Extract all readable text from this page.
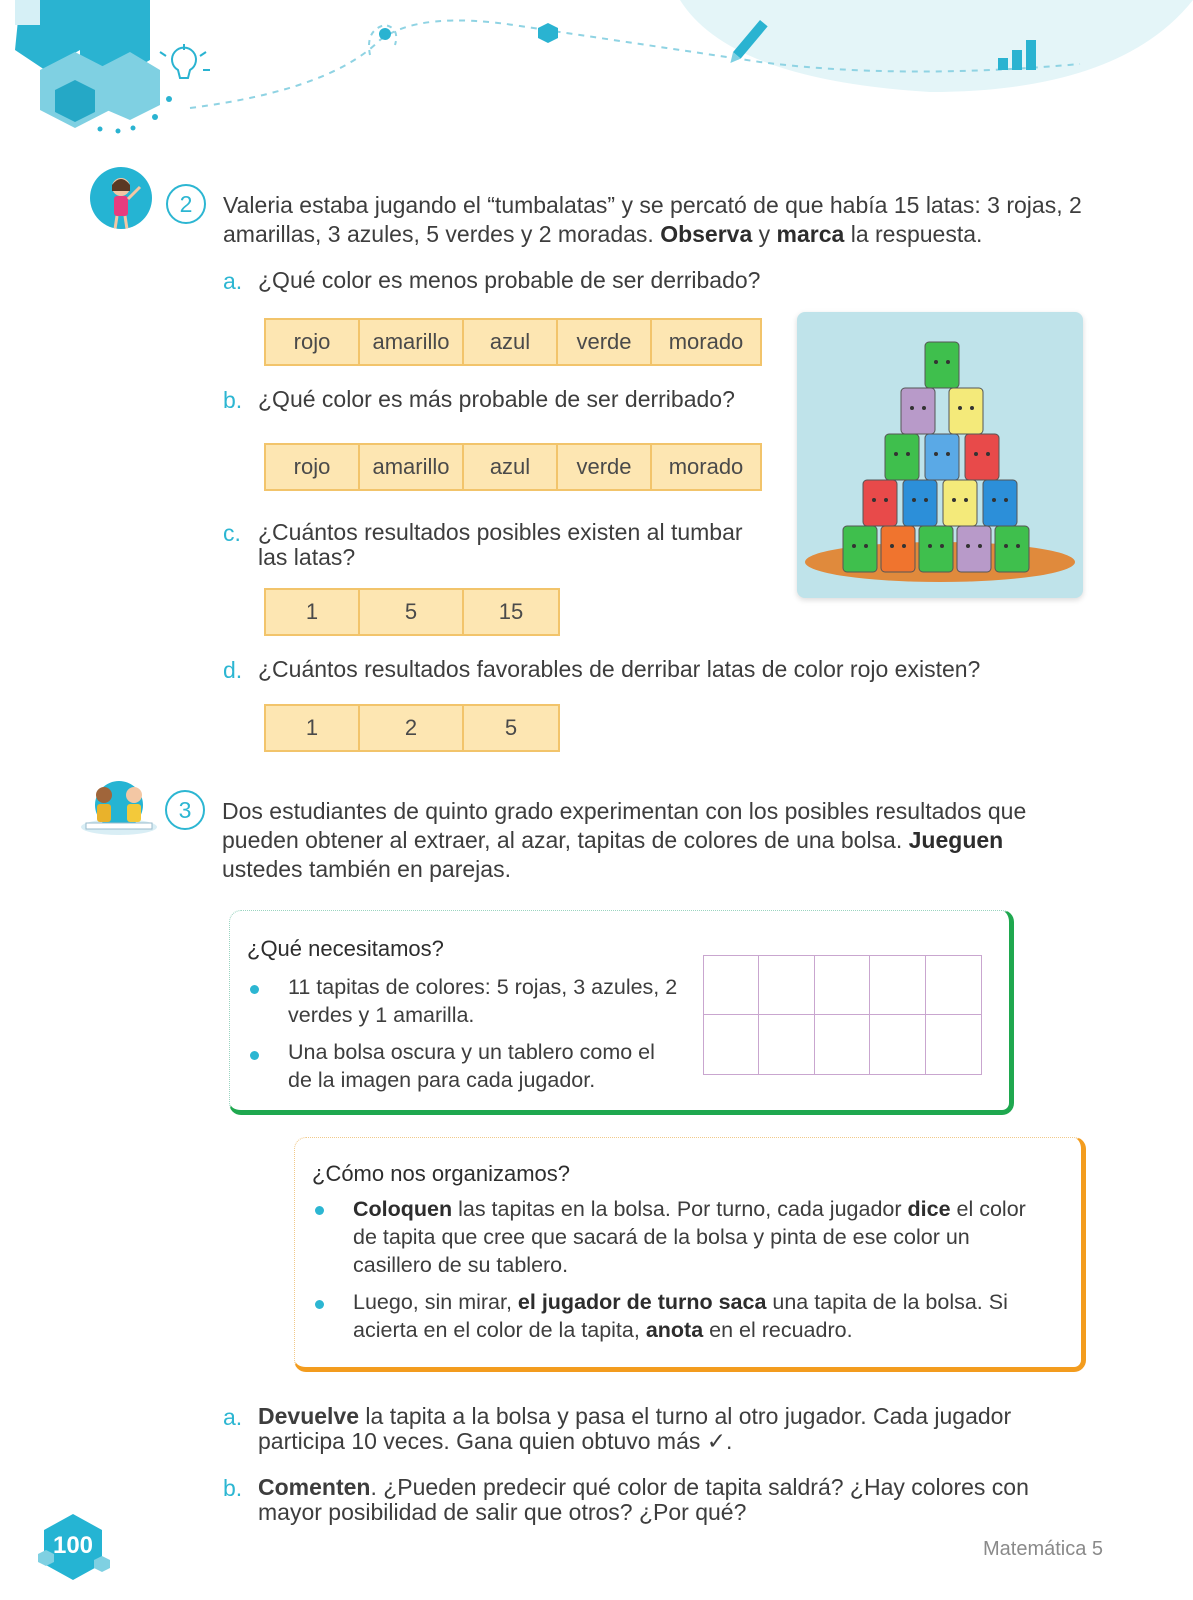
2	Valeria estaba jugando el “tumbalatas” y se percató de que había 15 latas: 3 rojas, 2 amarillas, 3 azules, 5 verdes y 2 moradas. Observa y marca la respuesta.
a. ¿Qué color es menos probable de ser derribado?
rojo	amarillo	azul	verde	morado
b. ¿Qué color es más probable de ser derribado?
rojo	amarillo	azul	verde	morado
c. ¿Cuántos resultados posibles existen al tumbar las latas?
1	5	15
d. ¿Cuántos resultados favorables de derribar latas de color rojo existen?
1	2	5
3	Dos estudiantes de quinto grado experimentan con los posibles resultados que pueden obtener al extraer, al azar, tapitas de colores de una bolsa. Jueguen ustedes también en parejas.
¿Qué necesitamos?
11 tapitas de colores: 5 rojas, 3 azules, 2 verdes y 1 amarilla.
Una bolsa oscura y un tablero como el de la imagen para cada jugador.
¿Cómo nos organizamos?
Coloquen las tapitas en la bolsa. Por turno, cada jugador dice el color de tapita que cree que sacará de la bolsa y pinta de ese color un casillero de su tablero.
Luego, sin mirar, el jugador de turno saca una tapita de la bolsa. Si acierta en el color de la tapita, anota en el recuadro.
a. Devuelve la tapita a la bolsa y pasa el turno al otro jugador. Cada jugador participa 10 veces. Gana quien obtuvo más ✓.
b. Comenten. ¿Pueden predecir qué color de tapita saldrá? ¿Hay colores con mayor posibilidad de salir que otros? ¿Por qué?
100	Matemática 5
